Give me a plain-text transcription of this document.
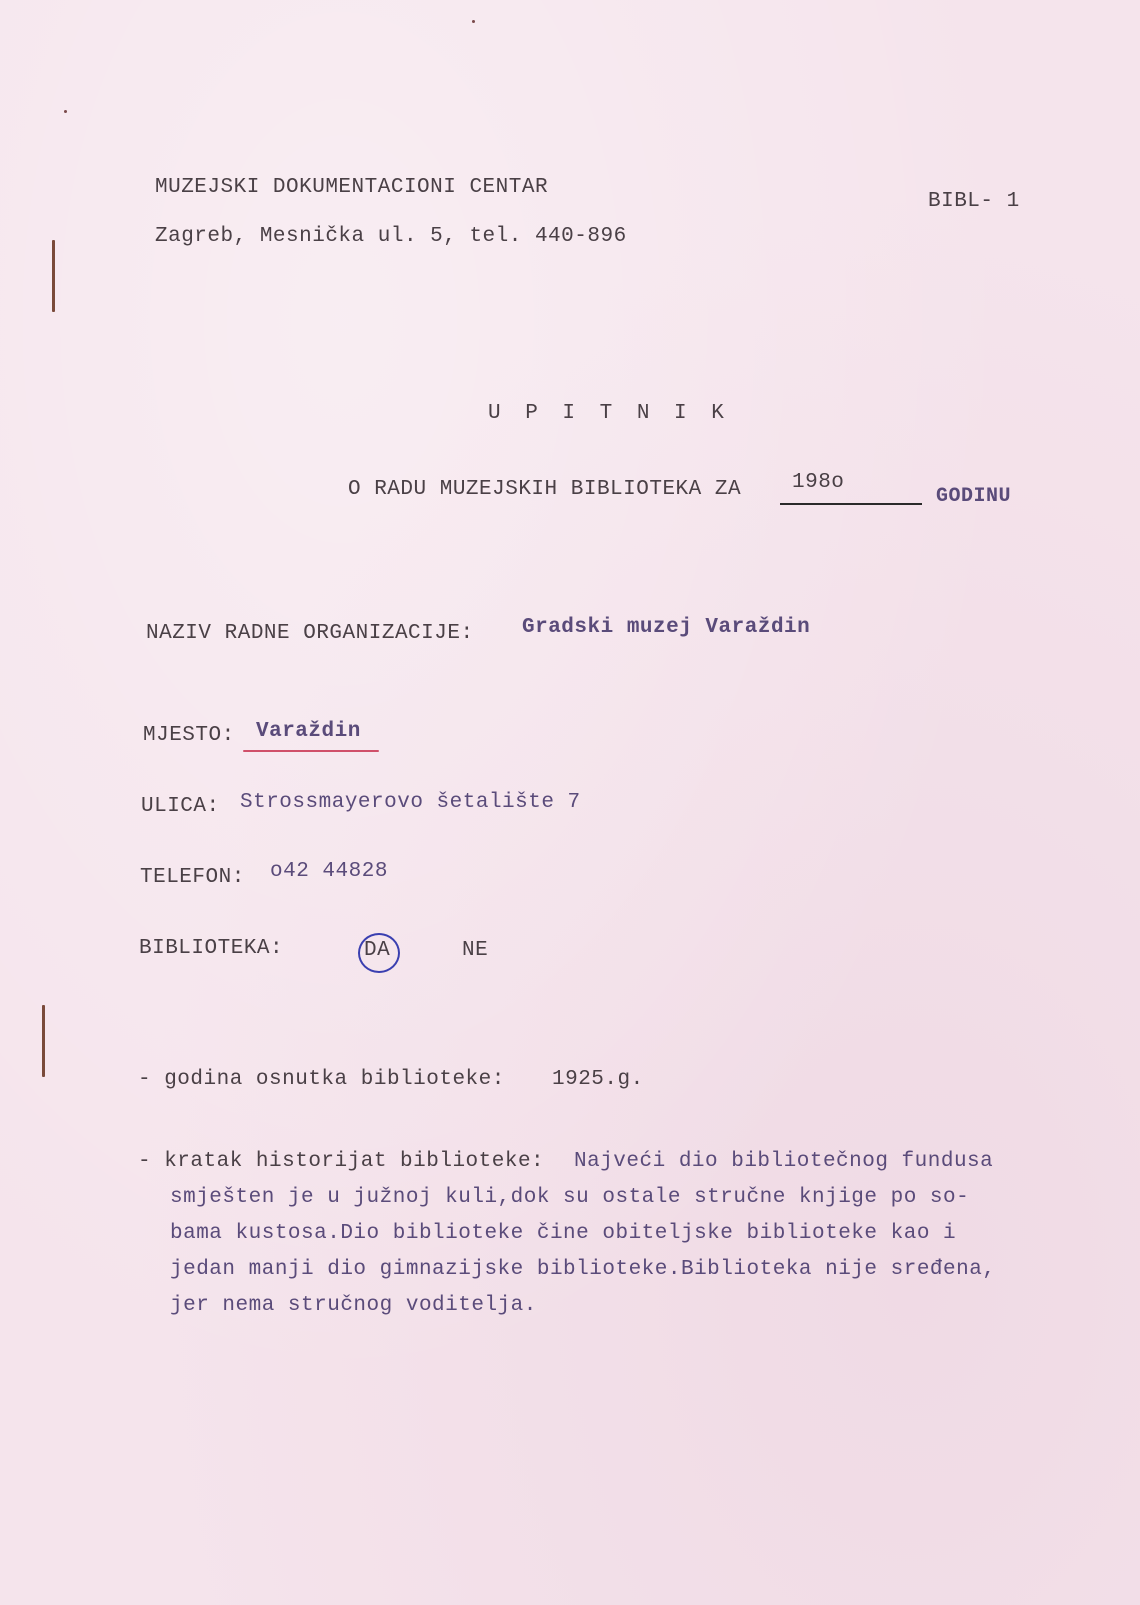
MUZEJSKI DOKUMENTACIONI CENTAR
Zagreb, Mesnička ul. 5, tel. 440-896
BIBL- 1
U P I T N I K
O RADU MUZEJSKIH BIBLIOTEKA ZA 198o
GODINU
NAZIV RADNE ORGANIZACIJE: Gradski muzej Varaždin
MJESTO: Varaždin
ULICA: Strossmayerovo šetalište 7
TELEFON: o42 44828
BIBLIOTEKA:	DA	NE
- godina osnutka biblioteke: 1925.g.
- kratak historijat biblioteke: Najveći dio bibliotečnog fundusa
smješten je u južnoj kuli,dok su ostale stručne knjige po so-
bama kustosa.Dio biblioteke čine obiteljske biblioteke kao i
jedan manji dio gimnazijske biblioteke.Biblioteka nije sređena,
jer nema stručnog voditelja.
